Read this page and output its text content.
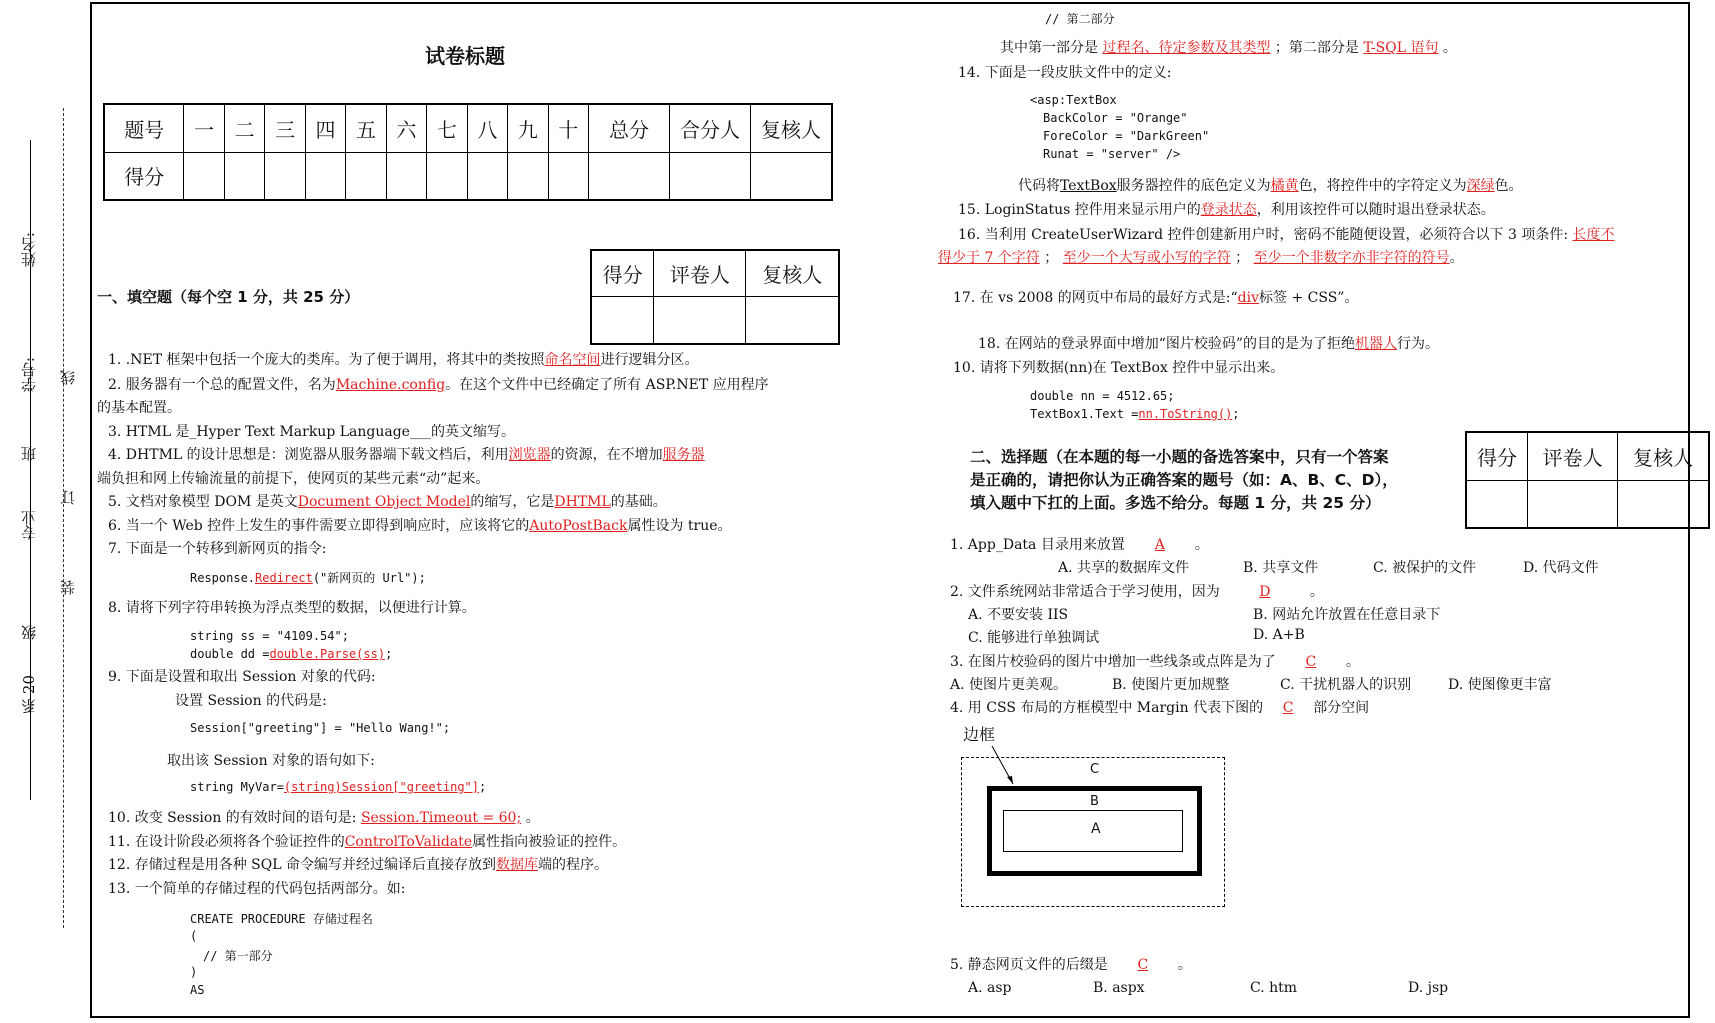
姓名:
学号: 线
班
订
专业
装
级
系 20
试卷标题
题号	一	二	三	四	五	六	七	八	九	十	总分	合分人	复核人
得分													
得分	评卷人	复核人

一、填空题（每个空 1 分，共 25 分）
1. .NET 框架中包括一个庞大的类库。为了便于调用，将其中的类按照命名空间进行逻辑分区。
2. 服务器有一个总的配置文件，名为Machine.config。在这个文件中已经确定了所有 ASP.NET 应用程序
的基本配置。
3. HTML 是_Hyper Text Markup Language___的英文缩写。
4. DHTML 的设计思想是：浏览器从服务器端下载文档后，利用浏览器的资源，在不增加服务器
端负担和网上传输流量的前提下，使网页的某些元素“动”起来。
5. 文档对象模型 DOM 是英文Document Object Model的缩写，它是DHTML的基础。
6. 当一个 Web 控件上发生的事件需要立即得到响应时，应该将它的AutoPostBack属性设为 true。
7. 下面是一个转移到新网页的指令:
Response.Redirect("新网页的 Url");
8. 请将下列字符串转换为浮点类型的数据，以便进行计算。
string ss = "4109.54";
double dd =double.Parse(ss);
9. 下面是设置和取出 Session 对象的代码:
设置 Session 的代码是:
Session["greeting"] = "Hello Wang!";
取出该 Session 对象的语句如下:
string MyVar=(string)Session["greeting"];
10. 改变 Session 的有效时间的语句是: Session.Timeout = 60; 。
11. 在设计阶段必须将各个验证控件的ControlToValidate属性指向被验证的控件。
12. 存储过程是用各种 SQL 命令编写并经过编译后直接存放到数据库端的程序。
13. 一个简单的存储过程的代码包括两部分。如:
CREATE PROCEDURE 存储过程名
(
// 第一部分
)
AS
// 第二部分
其中第一部分是 过程名、待定参数及其类型 ；第二部分是 T-SQL 语句 。
14. 下面是一段皮肤文件中的定义:
<asp:TextBox
BackColor = "Orange"
ForeColor = "DarkGreen"
Runat = "server" />
代码将TextBox服务器控件的底色定义为橘黄色，将控件中的字符定义为深绿色。
15. LoginStatus 控件用来显示用户的登录状态，利用该控件可以随时退出登录状态。
16. 当利用 CreateUserWizard 控件创建新用户时，密码不能随便设置，必须符合以下 3 项条件: 长度不
得少于 7 个字符 ； 至少一个大写或小写的字符 ； 至少一个非数字亦非字符的符号。
17. 在 vs 2008 的网页中布局的最好方式是:“div标签 + CSS”。
18. 在网站的登录界面中增加“图片校验码”的目的是为了拒绝机器人行为。
10. 请将下列数据(nn)在 TextBox 控件中显示出来。
double nn = 4512.65;
TextBox1.Text =nn.ToString();
二、选择题（在本题的每一小题的备选答案中，只有一个答案
是正确的，请把你认为正确答案的题号（如：A、B、C、D），
填入题中下扛的上面。多选不给分。每题 1 分，共 25 分）
得分	评卷人	复核人

1. App_Data 目录用来放置 A 。
A. 共享的数据库文件	B. 共享文件	C. 被保护的文件	D. 代码文件
2. 文件系统网站非常适合于学习使用，因为	D	。
A. 不要安装 IIS	B. 网站允许放置在任意目录下
C. 能够进行单独调试	D. A+B
3. 在图片校验码的图片中增加一些线条或点阵是为了 C 。
A. 使图片更美观。	B. 使图片更加规整	C. 干扰机器人的识别	D. 使图像更丰富
4. 用 CSS 布局的方框模型中 Margin 代表下图的 C 部分空间
边框
C
B
A
5. 静态网页文件的后缀是 C 。
A. asp	B. aspx	C. htm	D. jsp
